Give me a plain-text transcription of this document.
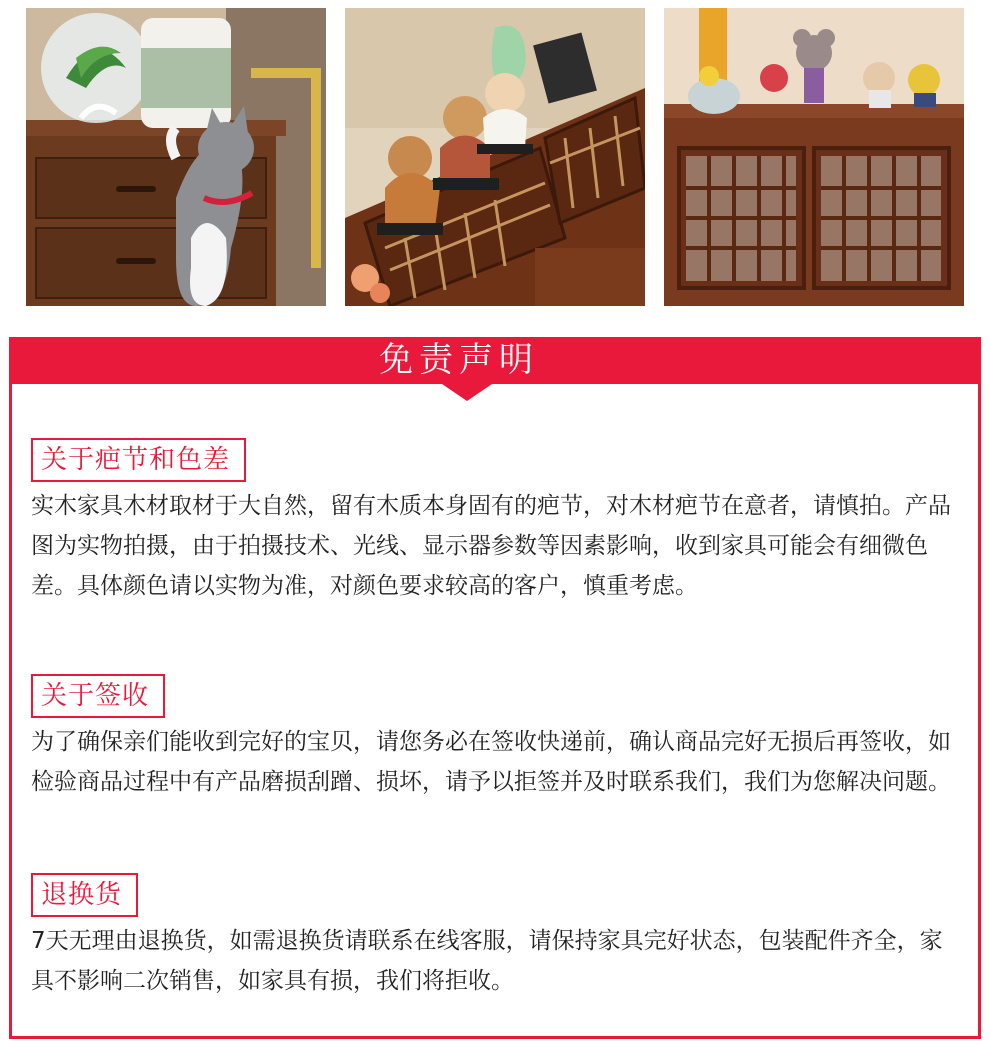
免责声明
关于疤节和色差
实木家具木材取材于大自然，留有木质本身固有的疤节，对木材疤节在意者，请慎拍。产品图为实物拍摄，由于拍摄技术、光线、显示器参数等因素影响，收到家具可能会有细微色差。具体颜色请以实物为准，对颜色要求较高的客户，慎重考虑。
关于签收
为了确保亲们能收到完好的宝贝，请您务必在签收快递前，确认商品完好无损后再签收，如检验商品过程中有产品磨损刮蹭、损坏，请予以拒签并及时联系我们，我们为您解决问题。
退换货
7天无理由退换货，如需退换货请联系在线客服，请保持家具完好状态，包装配件齐全，家具不影响二次销售，如家具有损，我们将拒收。
